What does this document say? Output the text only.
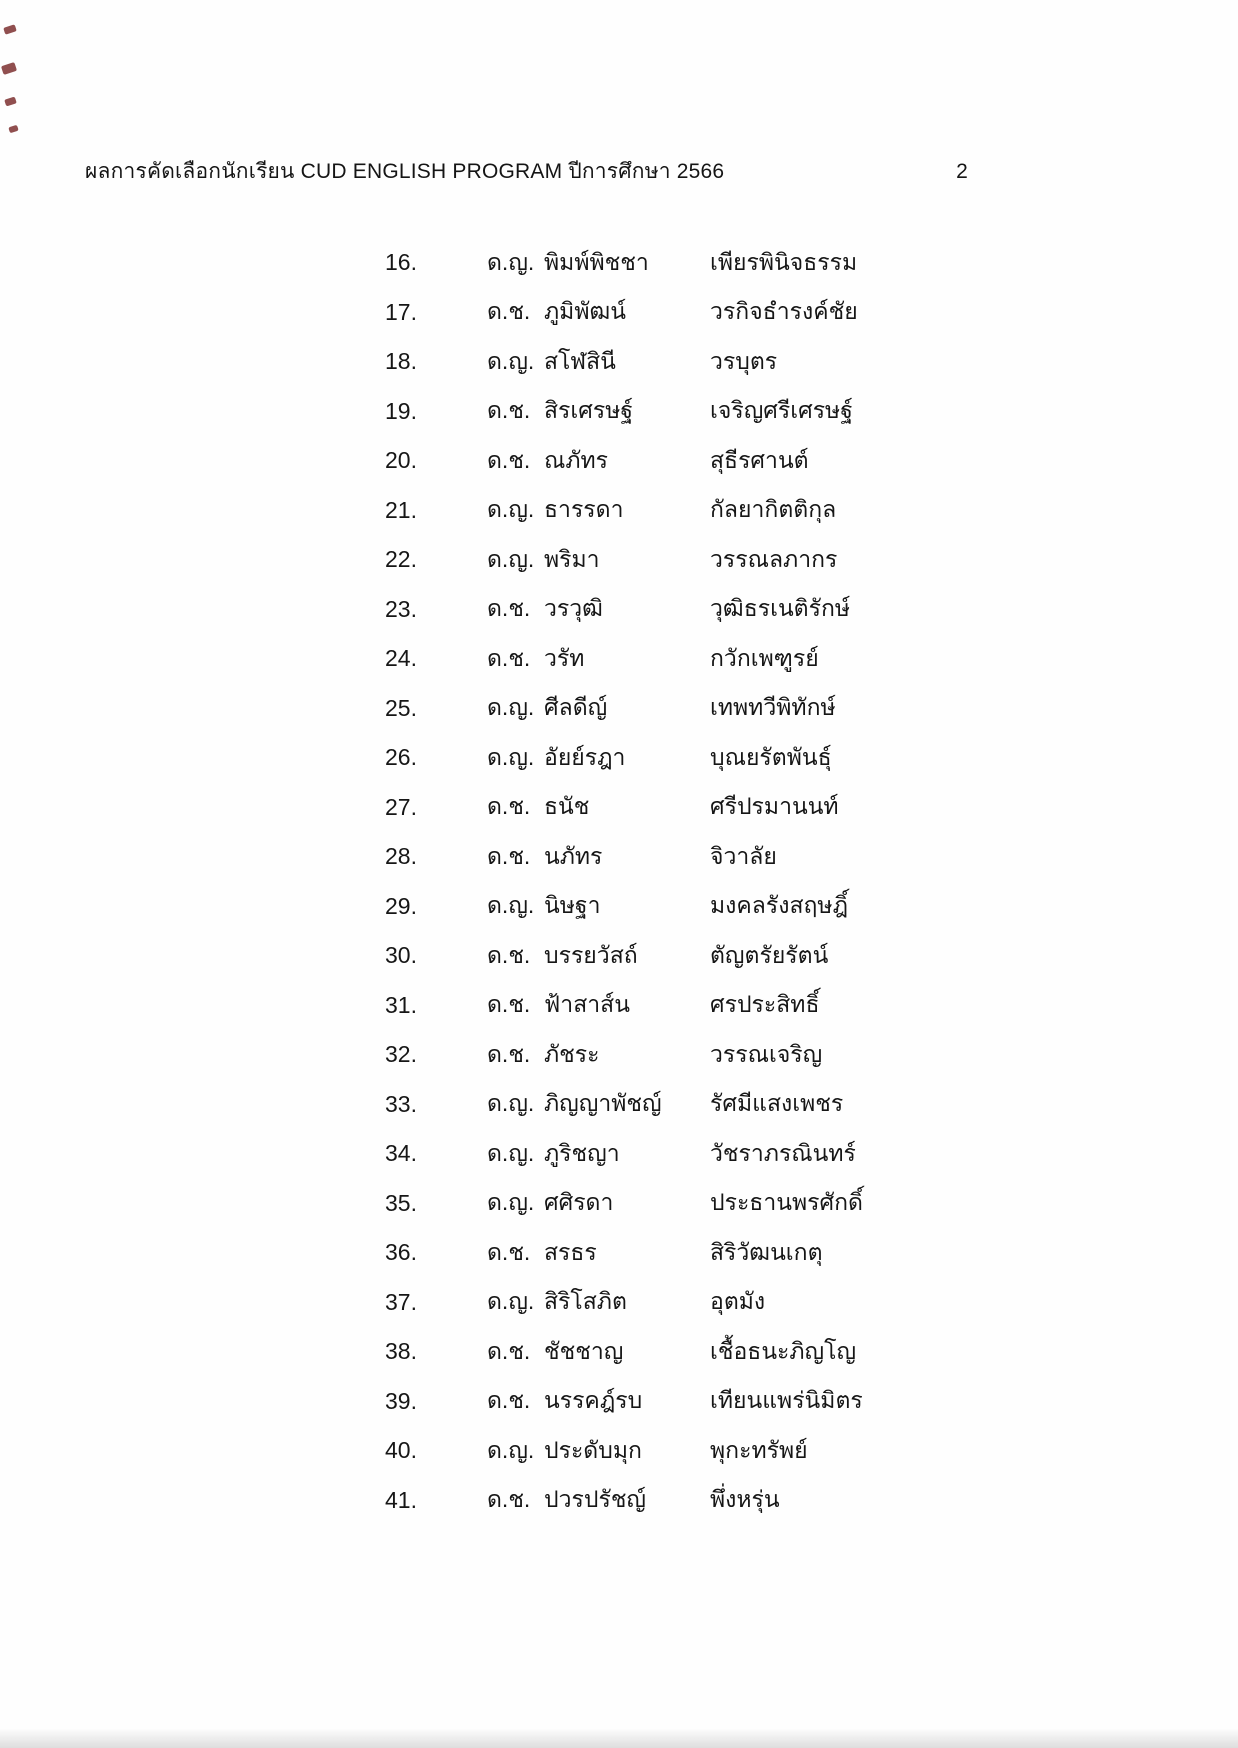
ผลการคัดเลือกนักเรียน CUD ENGLISH PROGRAM ปีการศึกษา 2566	2
16.	ด.ญ. พิมพ์พิชชา	เพียรพินิจธรรม
17.	ด.ช. ภูมิพัฒน์	วรกิจธำรงค์ชัย
18.	ด.ญ. สโฬสินี	วรบุตร
19.	ด.ช. สิรเศรษฐ์	เจริญศรีเศรษฐ์
20.	ด.ช. ณภัทร	สุธีรศานต์
21.	ด.ญ. ธารรดา	กัลยากิตติกุล
22.	ด.ญ. พริมา	วรรณลภากร
23.	ด.ช. วรวุฒิ	วุฒิธรเนติรักษ์
24.	ด.ช. วรัท	กวักเพฑูรย์
25.	ด.ญ. ศีลดีญ์	เทพทวีพิทักษ์
26.	ด.ญ. อัยย์รฎา	บุณยรัตพันธุ์
27.	ด.ช. ธนัช	ศรีปรมานนท์
28.	ด.ช. นภัทร	จิวาลัย
29.	ด.ญ. นิษฐา	มงคลรังสฤษฎิ์
30.	ด.ช. บรรยวัสถ์	ตัญตรัยรัตน์
31.	ด.ช. ฟ้าสาส์น	ศรประสิทธิ์
32.	ด.ช. ภัชระ	วรรณเจริญ
33.	ด.ญ. ภิญญาพัชญ์	รัศมีแสงเพชร
34.	ด.ญ. ภูริชญา	วัชราภรณินทร์
35.	ด.ญ. ศศิรดา	ประธานพรศักดิ์
36.	ด.ช. สรธร	สิริวัฒนเกตุ
37.	ด.ญ. สิริโสภิต	อุตมัง
38.	ด.ช. ชัชชาญ	เชื้อธนะภิญโญ
39.	ด.ช. นรรคฎ์รบ	เทียนแพร่นิมิตร
40.	ด.ญ. ประดับมุก	พุกะทรัพย์
41.	ด.ช. ปวรปรัชญ์	พึ่งหรุ่น
